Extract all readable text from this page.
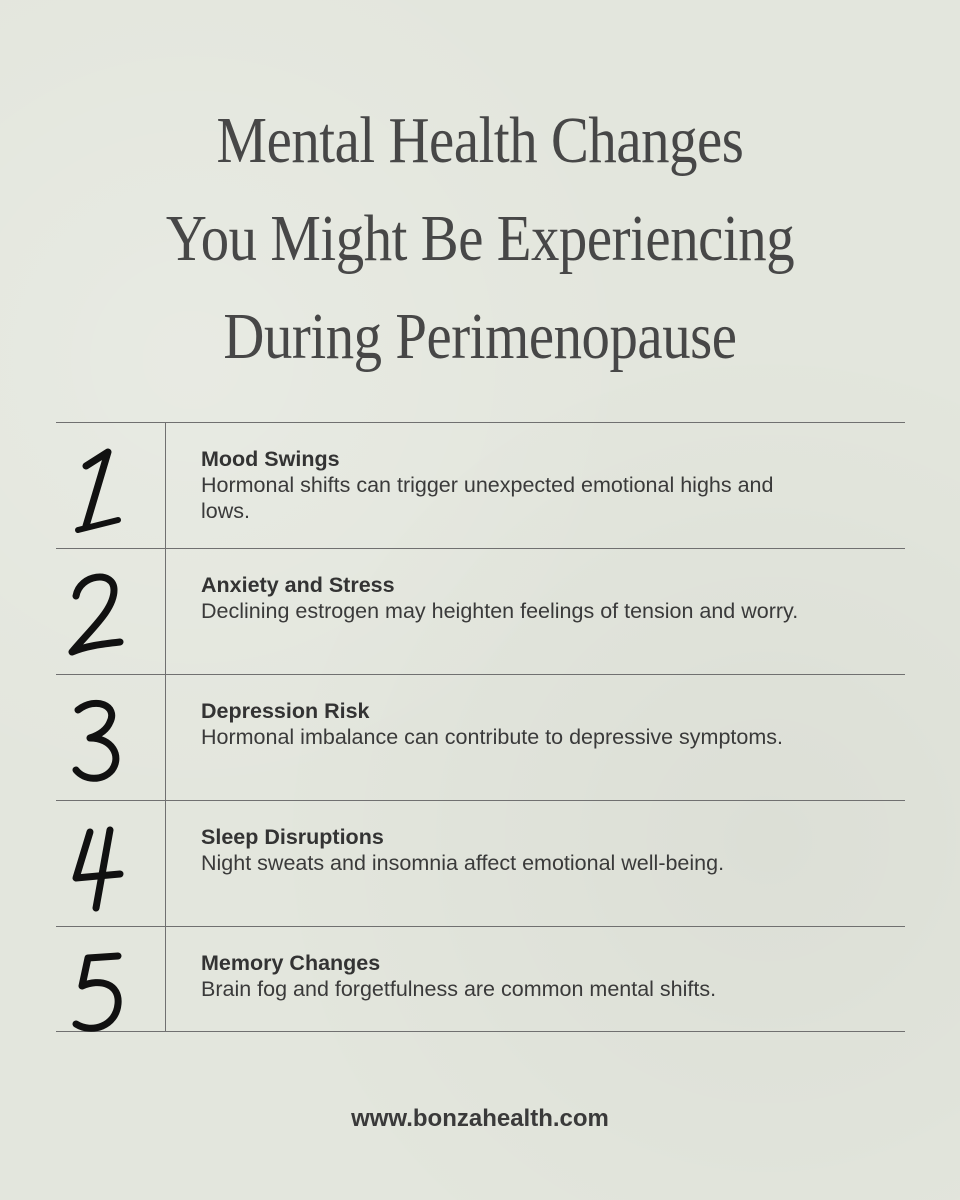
Mental Health Changes
You Might Be Experiencing
During Perimenopause

Mood Swings

Hormonal shifts can trigger unexpected emotional highs and lows.

Anxiety and Stress

Declining estrogen may heighten feelings of tension and worry.

Depression Risk

Hormonal imbalance can contribute to depressive symptoms.

Sleep Disruptions

Night sweats and insomnia affect emotional well-being.

Memory Changes

Brain fog and forgetfulness are common mental shifts.

www.bonzahealth.com
